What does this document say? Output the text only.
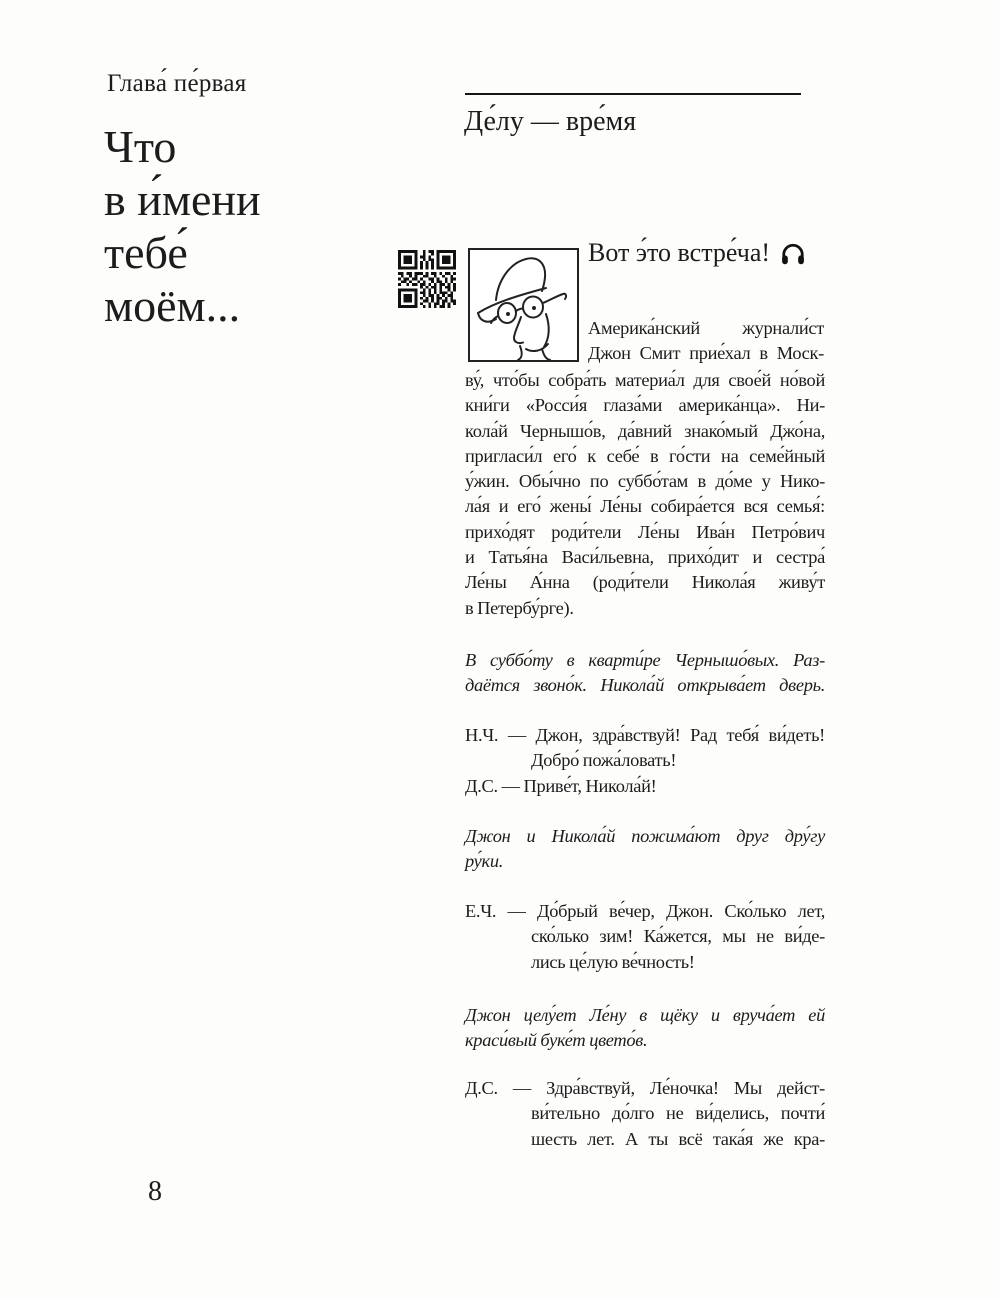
Глава́ пе́рвая
Что
в и́мени
тебе́
моём...
8
Де́лу — вре́мя
Вот э́то встре́ча!
Америка́нский журнали́ст
Джон Смит прие́хал в Моск-
ву́, что́бы собра́ть материа́л для свое́й но́вой
кни́ги «Росси́я глаза́ми америка́нца». Ни-
кола́й Чернышо́в, да́вний знако́мый Джо́на,
пригласи́л его́ к себе́ в го́сти на семе́йный
у́жин. Обы́чно по суббо́там в до́ме у Нико-
ла́я и его́ жены́ Ле́ны собира́ется вся семья́:
прихо́дят роди́тели Ле́ны Ива́н Петро́вич
и Татья́на Васи́льевна, прихо́дит и сестра́
Ле́ны А́нна (роди́тели Никола́я живу́т
в Петербу́рге).
В суббо́ту в кварти́ре Чернышо́вых. Раз-
даётся звоно́к. Никола́й открыва́ет дверь.
Н.Ч. — Джон, здра́вствуй! Рад тебя́ ви́деть!
Добро́ пожа́ловать!
Д.С. — Приве́т, Никола́й!
Джон и Никола́й пожима́ют друг дру́гу
ру́ки.
Е.Ч. — До́брый ве́чер, Джон. Ско́лько лет,
ско́лько зим! Ка́жется, мы не ви́де-
лись це́лую ве́чность!
Джон целу́ет Ле́ну в щёку и вруча́ет ей
краси́вый буке́т цвето́в.
Д.С. — Здра́вствуй, Ле́ночка! Мы дейст-
ви́тельно до́лго не ви́делись, почти́
шесть лет. А ты всё така́я же кра-
